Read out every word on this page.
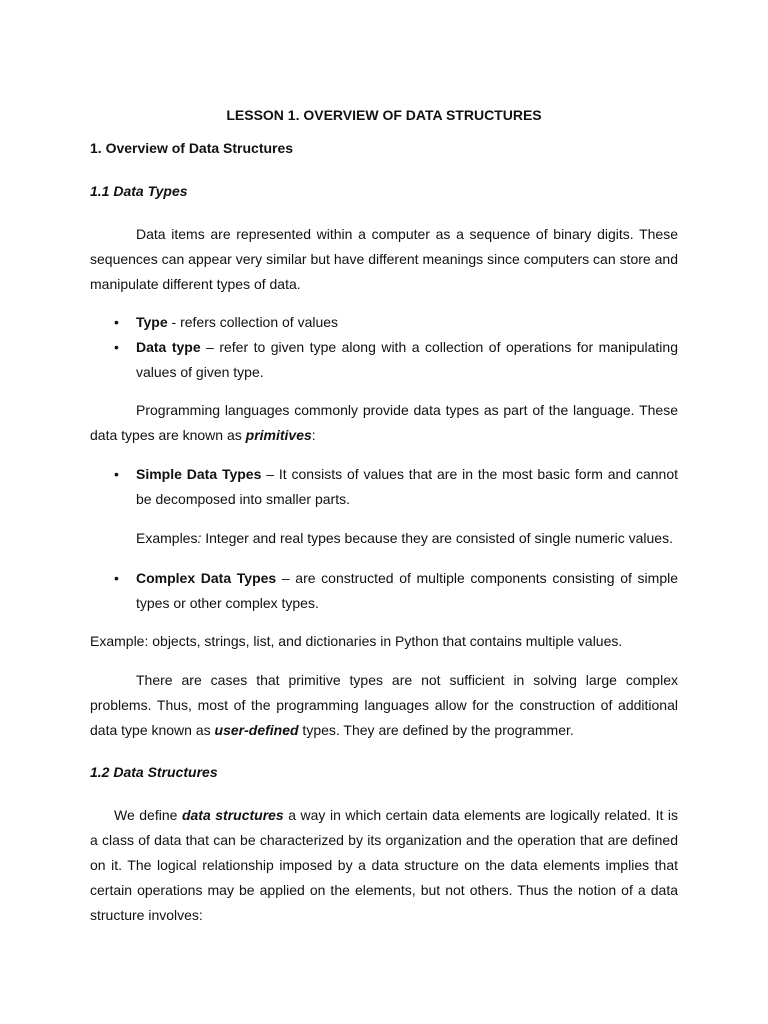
LESSON 1. OVERVIEW OF DATA STRUCTURES

1. Overview of Data Structures

1.1 Data Types

Data items are represented within a computer as a sequence of binary digits. These sequences can appear very similar but have different meanings since computers can store and manipulate different types of data.

• Type - refers collection of values

• Data type – refer to given type along with a collection of operations for manipulating values of given type.

Programming languages commonly provide data types as part of the language. These data types are known as primitives:

• Simple Data Types – It consists of values that are in the most basic form and cannot be decomposed into smaller parts.

Examples: Integer and real types because they are consisted of single numeric values.

• Complex Data Types – are constructed of multiple components consisting of simple types or other complex types.

Example: objects, strings, list, and dictionaries in Python that contains multiple values.

There are cases that primitive types are not sufficient in solving large complex problems. Thus, most of the programming languages allow for the construction of additional data type known as user-defined types. They are defined by the programmer.

1.2 Data Structures

We define data structures a way in which certain data elements are logically related. It is a class of data that can be characterized by its organization and the operation that are defined on it. The logical relationship imposed by a data structure on the data elements implies that certain operations may be applied on the elements, but not others. Thus the notion of a data structure involves:
